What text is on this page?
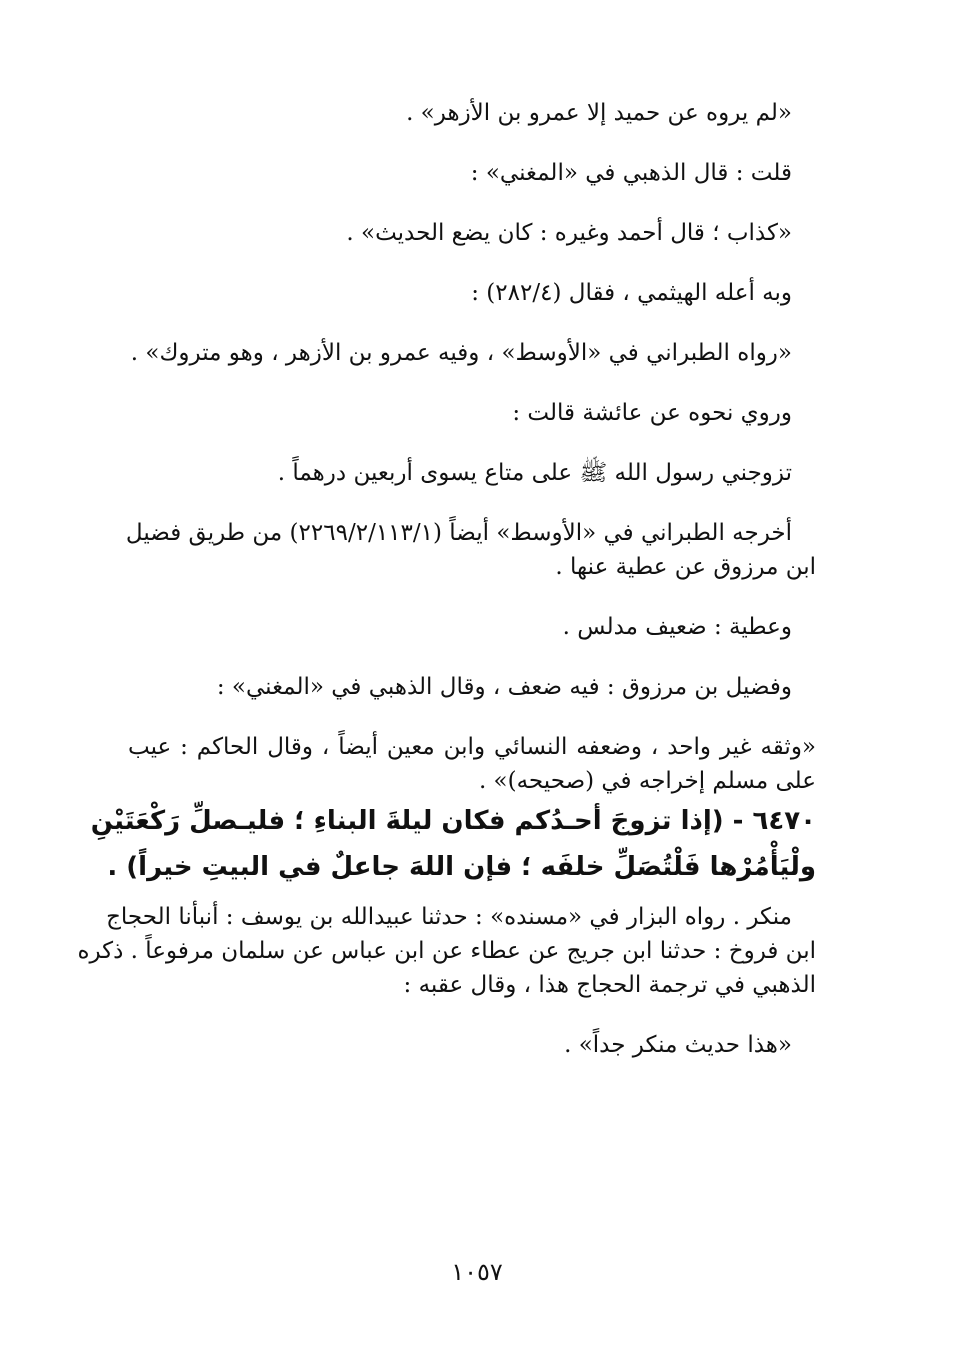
«لم يروه عن حميد إلا عمرو بن الأزهر» .

قلت : قال الذهبي في «المغني» :

«كذاب ؛ قال أحمد وغيره : كان يضع الحديث» .

وبه أعله الهيثمي ، فقال (٢٨٢/٤) :

«رواه الطبراني في «الأوسط» ، وفيه عمرو بن الأزهر ، وهو متروك» .

وروي نحوه عن عائشة قالت :

تزوجني رسول الله ﷺ على متاع يسوى أربعين درهماً .

أخرجه الطبراني في «الأوسط» أيضاً (٢٢٦٩/٢/١١٣/١) من طريق فضيل

ابن مرزوق عن عطية عنها .

وعطية : ضعيف مدلس .

وفضيل بن مرزوق : فيه ضعف ، وقال الذهبي في «المغني» :

«وثقه غير واحد ، وضعفه النسائي وابن معين أيضاً ، وقال الحاكم : عيب

على مسلم إخراجه في (صحيحه)» .

٦٤٧٠ - (إذا تزوجَ أحـدُكم فكان ليلةَ البناءِ ؛ فليـصلِّ رَكْعَتَيْنِ

ولْيَأْمُرْها فَلْتُصَلِّ خلفَه ؛ فإن اللهَ جاعلٌ في البيتِ خيراً) .

منكر . رواه البزار في «مسنده» : حدثنا عبيدالله بن يوسف : أنبأنا الحجاج

ابن فروخ : حدثنا ابن جريج عن عطاء عن ابن عباس عن سلمان مرفوعاً . ذكره

الذهبي في ترجمة الحجاج هذا ، وقال عقبه :

«هذا حديث منكر جداً» .

١٠٥٧
